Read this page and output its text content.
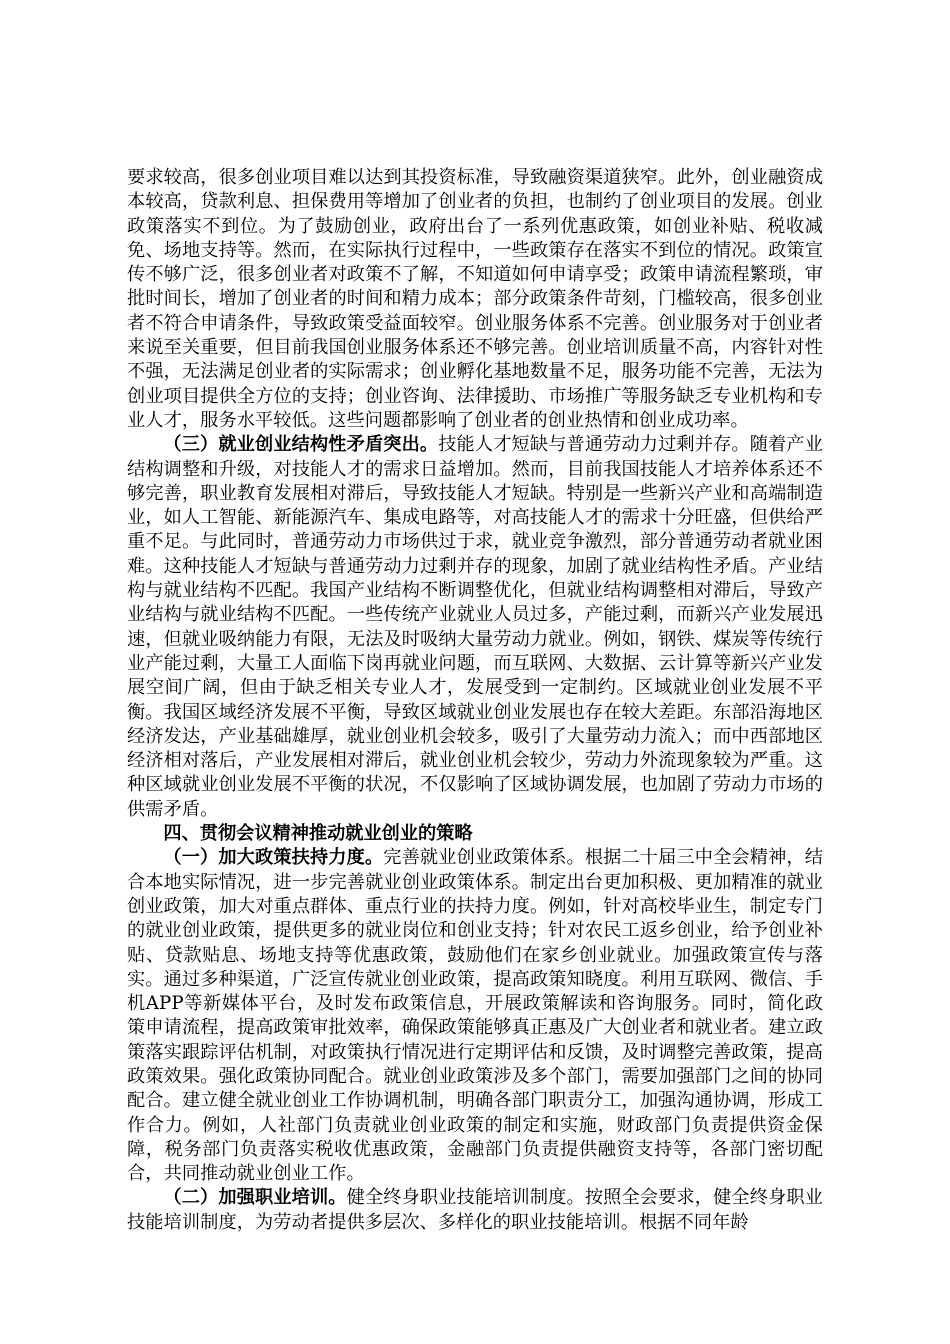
要求较高，很多创业项目难以达到其投资标准，导致融资渠道狭窄。此外，创业融资成本较高，贷款利息、担保费用等增加了创业者的负担，也制约了创业项目的发展。创业政策落实不到位。为了鼓励创业，政府出台了一系列优惠政策，如创业补贴、税收减免、场地支持等。然而，在实际执行过程中，一些政策存在落实不到位的情况。政策宣传不够广泛，很多创业者对政策不了解，不知道如何申请享受；政策申请流程繁琐，审批时间长，增加了创业者的时间和精力成本；部分政策条件苛刻，门槛较高，很多创业者不符合申请条件，导致政策受益面较窄。创业服务体系不完善。创业服务对于创业者来说至关重要，但目前我国创业服务体系还不够完善。创业培训质量不高，内容针对性不强，无法满足创业者的实际需求；创业孵化基地数量不足，服务功能不完善，无法为创业项目提供全方位的支持；创业咨询、法律援助、市场推广等服务缺乏专业机构和专业人才，服务水平较低。这些问题都影响了创业者的创业热情和创业成功率。

（三）就业创业结构性矛盾突出。技能人才短缺与普通劳动力过剩并存。随着产业结构调整和升级，对技能人才的需求日益增加。然而，目前我国技能人才培养体系还不够完善，职业教育发展相对滞后，导致技能人才短缺。特别是一些新兴产业和高端制造业，如人工智能、新能源汽车、集成电路等，对高技能人才的需求十分旺盛，但供给严重不足。与此同时，普通劳动力市场供过于求，就业竞争激烈，部分普通劳动者就业困难。这种技能人才短缺与普通劳动力过剩并存的现象，加剧了就业结构性矛盾。产业结构与就业结构不匹配。我国产业结构不断调整优化，但就业结构调整相对滞后，导致产业结构与就业结构不匹配。一些传统产业就业人员过多，产能过剩，而新兴产业发展迅速，但就业吸纳能力有限，无法及时吸纳大量劳动力就业。例如，钢铁、煤炭等传统行业产能过剩，大量工人面临下岗再就业问题，而互联网、大数据、云计算等新兴产业发展空间广阔，但由于缺乏相关专业人才，发展受到一定制约。区域就业创业发展不平衡。我国区域经济发展不平衡，导致区域就业创业发展也存在较大差距。东部沿海地区经济发达，产业基础雄厚，就业创业机会较多，吸引了大量劳动力流入；而中西部地区经济相对落后，产业发展相对滞后，就业创业机会较少，劳动力外流现象较为严重。这种区域就业创业发展不平衡的状况，不仅影响了区域协调发展，也加剧了劳动力市场的供需矛盾。

四、贯彻会议精神推动就业创业的策略

（一）加大政策扶持力度。完善就业创业政策体系。根据二十届三中全会精神，结合本地实际情况，进一步完善就业创业政策体系。制定出台更加积极、更加精准的就业创业政策，加大对重点群体、重点行业的扶持力度。例如，针对高校毕业生，制定专门的就业创业政策，提供更多的就业岗位和创业支持；针对农民工返乡创业，给予创业补贴、贷款贴息、场地支持等优惠政策，鼓励他们在家乡创业就业。加强政策宣传与落实。通过多种渠道，广泛宣传就业创业政策，提高政策知晓度。利用互联网、微信、手机APP等新媒体平台，及时发布政策信息，开展政策解读和咨询服务。同时，简化政策申请流程，提高政策审批效率，确保政策能够真正惠及广大创业者和就业者。建立政策落实跟踪评估机制，对政策执行情况进行定期评估和反馈，及时调整完善政策，提高政策效果。强化政策协同配合。就业创业政策涉及多个部门，需要加强部门之间的协同配合。建立健全就业创业工作协调机制，明确各部门职责分工，加强沟通协调，形成工作合力。例如，人社部门负责就业创业政策的制定和实施，财政部门负责提供资金保障，税务部门负责落实税收优惠政策，金融部门负责提供融资支持等，各部门密切配合，共同推动就业创业工作。

（二）加强职业培训。健全终身职业技能培训制度。按照全会要求，健全终身职业技能培训制度，为劳动者提供多层次、多样化的职业技能培训。根据不同年龄
